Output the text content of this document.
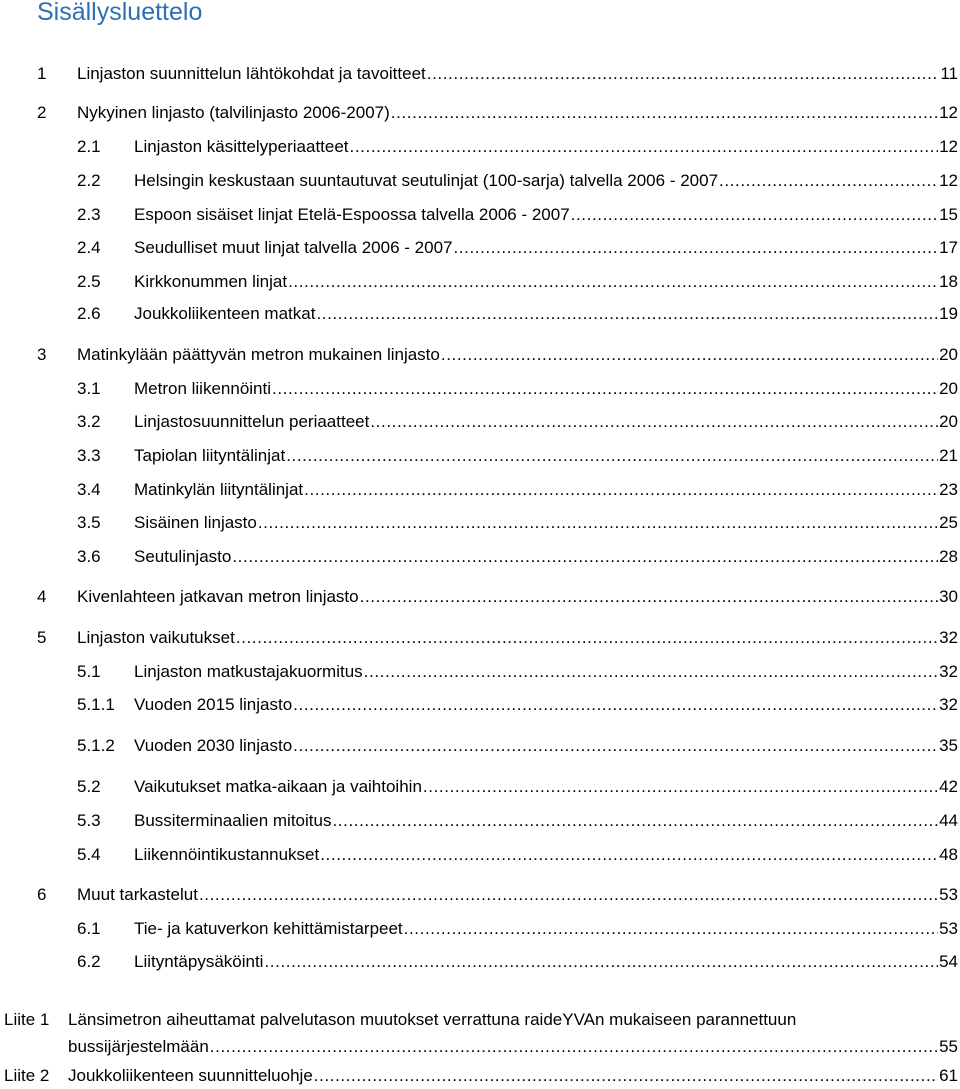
Sisällysluettelo
1 Linjaston suunnittelun lähtökohdat ja tavoitteet .....	11
2 Nykyinen linjasto (talvilinjasto 2006-2007) .....	12
2.1 Linjaston käsittelyperiaatteet .....	12
2.2 Helsingin keskustaan suuntautuvat seutulinjat (100-sarja) talvella 2006 - 2007 .....	12
2.3 Espoon sisäiset linjat Etelä-Espoossa talvella 2006 - 2007 .....	15
2.4 Seudulliset muut linjat talvella 2006 - 2007 .....	17
2.5 Kirkkonummen linjat .....	18
2.6 Joukkoliikenteen matkat .....	19
3 Matinkylään päättyvän metron mukainen linjasto .....	20
3.1 Metron liikennöinti .....	20
3.2 Linjastosuunnittelun periaatteet .....	20
3.3 Tapiolan liityntälinjat .....	21
3.4 Matinkylän liityntälinjat .....	23
3.5 Sisäinen linjasto .....	25
3.6 Seutulinjasto .....	28
4 Kivenlahteen jatkavan metron linjasto .....	30
5 Linjaston vaikutukset .....	32
5.1 Linjaston matkustajakuormitus .....	32
5.1.1 Vuoden 2015 linjasto .....	32
5.1.2 Vuoden 2030 linjasto .....	35
5.2 Vaikutukset matka-aikaan ja vaihtoihin .....	42
5.3 Bussiterminaalien mitoitus .....	44
5.4 Liikennöintikustannukset .....	48
6 Muut tarkastelut .....	53
6.1 Tie- ja katuverkon kehittämistarpeet .....	53
6.2 Liityntäpysäköinti .....	54
Liite 1 Länsimetron aiheuttamat palvelutason muutokset verrattuna raideYVAn mukaiseen parannettuun
bussijärjestelmään .....	55
Liite 2 Joukkoliikenteen suunnitteluohje .....	61
